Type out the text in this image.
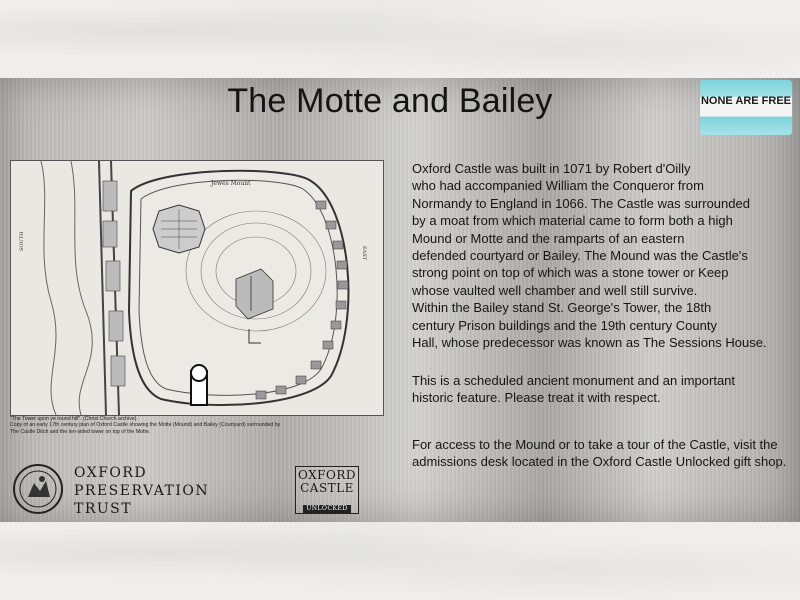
The Motte and Bailey	NONE ARE FREE
Jewes Mount
EAST
SOUTH
"The Tower upon ye round hill". (Christ Church archive).
Copy of an early 17th century plan of Oxford Castle showing the Motte (Mound) and Bailey (Courtyard) surrounded by
The Castle Ditch and the ten-sided tower on top of the Motte.

Oxford Castle was built in 1071 by Robert d'Oilly

who had accompanied William the Conqueror from

Normandy to England in 1066. The Castle was surrounded

by a moat from which material came to form both a high

Mound or Motte and the ramparts of an eastern

defended courtyard or Bailey. The Mound was the Castle's

strong point on top of which was a stone tower or Keep

whose vaulted well chamber and well still survive.

Within the Bailey stand St. George's Tower, the 18th

century Prison buildings and the 19th century County

Hall, whose predecessor was known as The Sessions House.

This is a scheduled ancient monument and an important

historic feature. Please treat it with respect.

For access to the Mound or to take a tour of the Castle, visit the

admissions desk located in the Oxford Castle Unlocked gift shop.

OXFORD
PRESERVATION
TRUST
OXFORD
CASTLE
UNLOCKED
